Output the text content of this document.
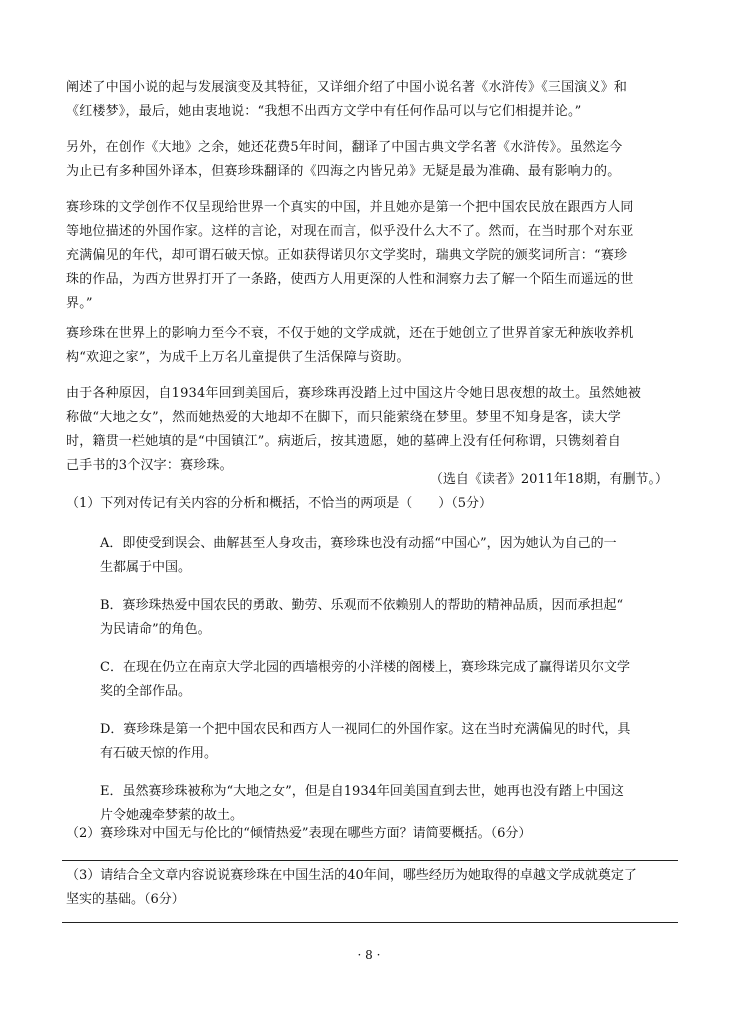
阐述了中国小说的起与发展演变及其特征，又详细介绍了中国小说名著《水浒传》《三国演义》和
《红楼梦》，最后，她由衷地说：“我想不出西方文学中有任何作品可以与它们相提并论。”
另外，在创作《大地》之余，她还花费5年时间，翻译了中国古典文学名著《水浒传》。虽然迄今
为止已有多种国外译本，但赛珍珠翻译的《四海之内皆兄弟》无疑是最为准确、最有影响力的。
赛珍珠的文学创作不仅呈现给世界一个真实的中国，并且她亦是第一个把中国农民放在跟西方人同
等地位描述的外国作家。这样的言论，对现在而言，似乎没什么大不了。然而，在当时那个对东亚
充满偏见的年代，却可谓石破天惊。正如获得诺贝尔文学奖时，瑞典文学院的颁奖词所言：“赛珍
珠的作品，为西方世界打开了一条路，使西方人用更深的人性和洞察力去了解一个陌生而遥远的世
界。”
赛珍珠在世界上的影响力至今不衰，不仅于她的文学成就，还在于她创立了世界首家无种族收养机
构“欢迎之家”，为成千上万名儿童提供了生活保障与资助。
由于各种原因，自1934年回到美国后，赛珍珠再没踏上过中国这片令她日思夜想的故土。虽然她被
称做“大地之女”，然而她热爱的大地却不在脚下，而只能萦绕在梦里。梦里不知身是客，读大学
时，籍贯一栏她填的是“中国镇江”。病逝后，按其遗愿，她的墓碑上没有任何称谓，只镌刻着自
己手书的3个汉字：赛珍珠。
（选自《读者》2011年18期，有删节。）
（1）下列对传记有关内容的分析和概括，不恰当的两项是（　　）（5分）
A．即使受到误会、曲解甚至人身攻击，赛珍珠也没有动摇“中国心”，因为她认为自己的一
生都属于中国。
B．赛珍珠热爱中国农民的勇敢、勤劳、乐观而不依赖别人的帮助的精神品质，因而承担起“
为民请命”的角色。
C．在现在仍立在南京大学北园的西墙根旁的小洋楼的阁楼上，赛珍珠完成了赢得诺贝尔文学
奖的全部作品。
D．赛珍珠是第一个把中国农民和西方人一视同仁的外国作家。这在当时充满偏见的时代，具
有石破天惊的作用。
E．虽然赛珍珠被称为“大地之女”，但是自1934年回美国直到去世，她再也没有踏上中国这
片令她魂牵梦萦的故土。
（2）赛珍珠对中国无与伦比的“倾情热爱”表现在哪些方面？请简要概括。（6分）
（3）请结合全文章内容说说赛珍珠在中国生活的40年间，哪些经历为她取得的卓越文学成就奠定了
坚实的基础。（6分）
· 8 ·
